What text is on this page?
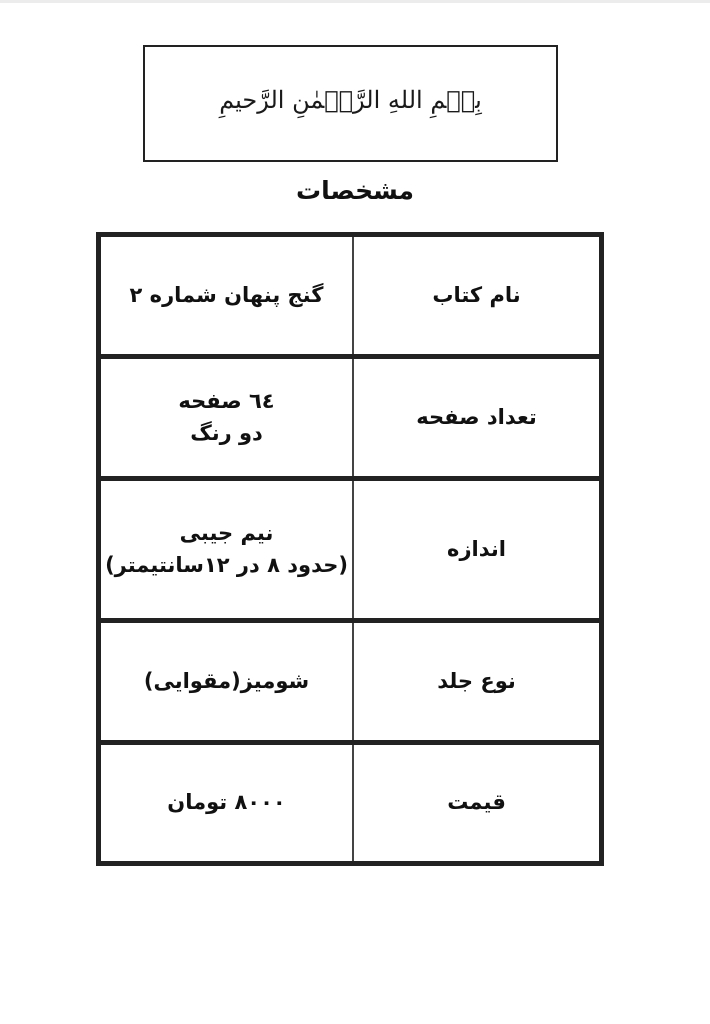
بِسۡمِ اللهِ الرَّحۡمٰنِ الرَّحیمِ
مشخصات
نام کتاب
گنج پنهان شماره ۲
تعداد صفحه
٦٤ صفحه
دو رنگ
اندازه
نیم جیبی
(حدود ۸ در ۱۲سانتیمتر)
نوع جلد
شومیز(مقوایی)
قیمت
۸۰۰۰ تومان
